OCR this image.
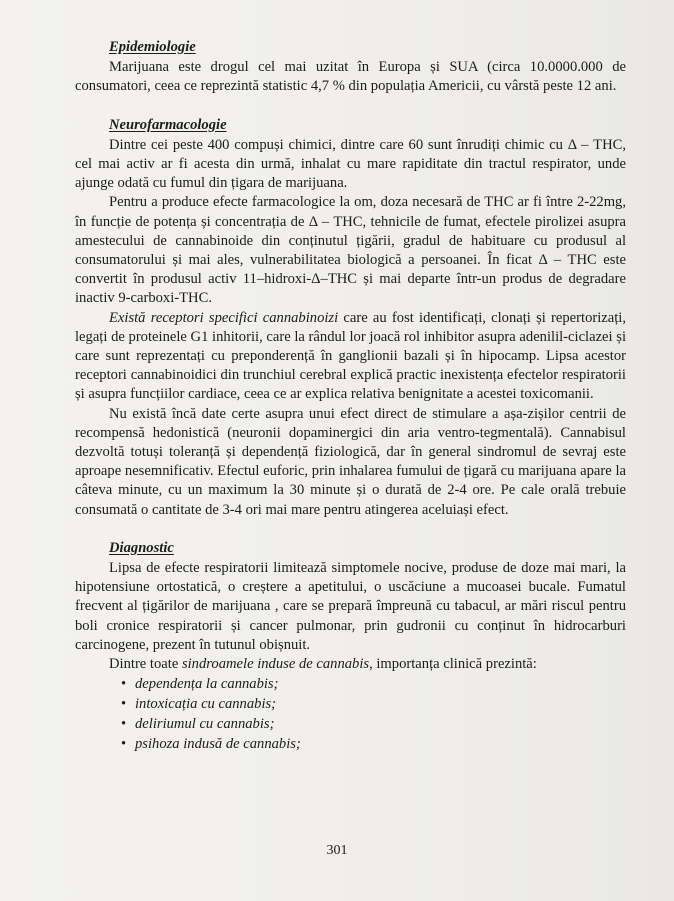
Epidemiologie

Marijuana este drogul cel mai uzitat în Europa și SUA (circa 10.0000.000 de consumatori, ceea ce reprezintă statistic 4,7 % din populația Americii, cu vârstă peste 12 ani.

Neurofarmacologie

Dintre cei peste 400 compuși chimici, dintre care 60 sunt înrudiți chimic cu Δ – THC, cel mai activ ar fi acesta din urmă, inhalat cu mare rapiditate din tractul respirator, unde ajunge odată cu fumul din țigara de marijuana.

Pentru a produce efecte farmacologice la om, doza necesară de THC ar fi între 2-22mg, în funcție de potența și concentrația de Δ – THC, tehnicile de fumat, efectele pirolizei asupra amestecului de cannabinoide din conținutul țigării, gradul de habituare cu produsul al consumatorului și mai ales, vulnerabilitatea biologică a persoanei. În ficat Δ – THC este convertit în produsul activ 11–hidroxi-Δ–THC și mai departe într-un produs de degradare inactiv 9-carboxi-THC.

Există receptori specifici cannabinoizi care au fost identificați, clonați și repertorizați, legați de proteinele G1 inhitorii, care la rândul lor joacă rol inhibitor asupra adenilil-ciclazei și care sunt reprezentați cu preponderență în ganglionii bazali și în hipocamp. Lipsa acestor receptori cannabinoidici din trunchiul cerebral explică practic inexistența efectelor respiratorii și asupra funcțiilor cardiace, ceea ce ar explica relativa benignitate a acestei toxicomanii.

Nu există încă date certe asupra unui efect direct de stimulare a așa-zișilor centrii de recompensă hedonistică (neuronii dopaminergici din aria ventro-tegmentală). Cannabisul dezvoltă totuși toleranță și dependență fiziologică, dar în general sindromul de sevraj este aproape nesemnificativ. Efectul euforic, prin inhalarea fumului de țigară cu marijuana apare la câteva minute, cu un maximum la 30 minute și o durată de 2-4 ore. Pe cale orală trebuie consumată o cantitate de 3-4 ori mai mare pentru atingerea aceluiași efect.

Diagnostic

Lipsa de efecte respiratorii limitează simptomele nocive, produse de doze mai mari, la hipotensiune ortostatică, o creștere a apetitului, o uscăciune a mucoasei bucale. Fumatul frecvent al țigărilor de marijuana , care se prepară împreună cu tabacul, ar mări riscul pentru boli cronice respiratorii și cancer pulmonar, prin gudronii cu conținut în hidrocarburi carcinogene, prezent în tutunul obișnuit.

Dintre toate sindroamele induse de cannabis, importanța clinică prezintă:

• dependența la cannabis;
• intoxicația cu cannabis;
• deliriumul cu cannabis;
• psihoza indusă de cannabis;
301
